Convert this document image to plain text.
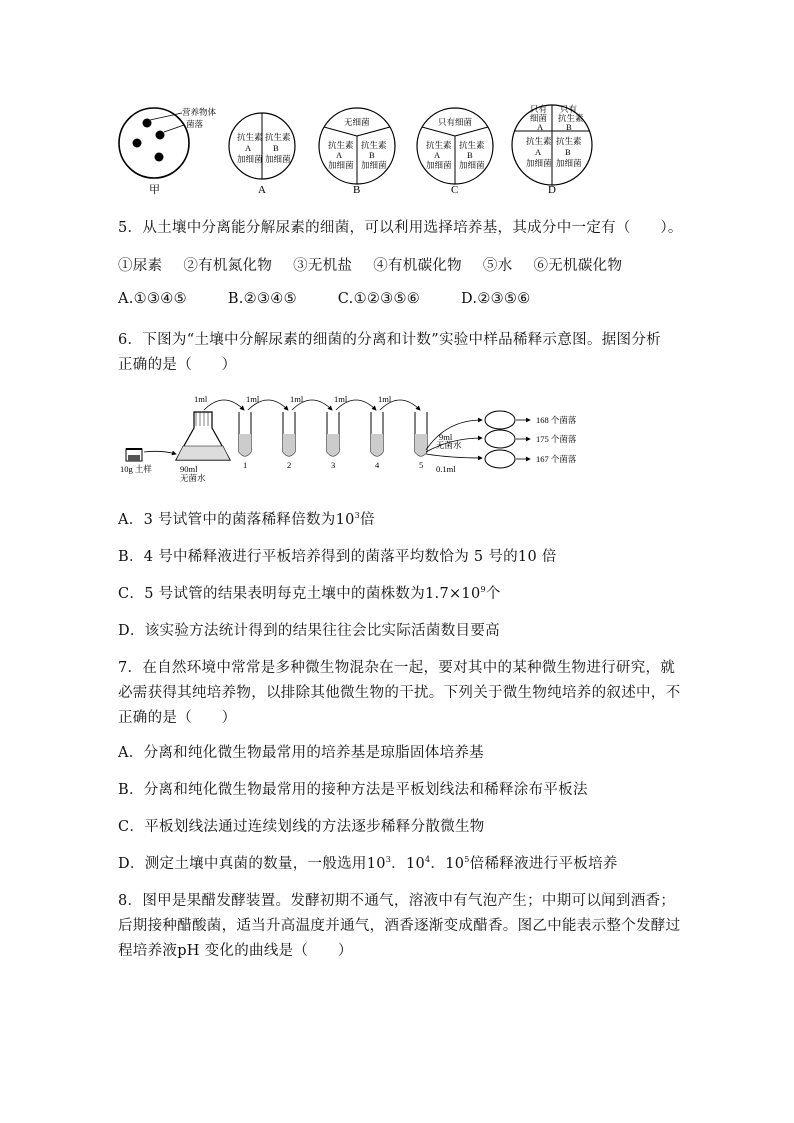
营养物体
菌落
甲
抗生素
A
加细菌
抗生素
B
加细菌
A
无细菌
抗生素
A
加细菌
抗生素
B
加细菌
B
只有细菌
抗生素
A
加细菌
抗生素
B
加细菌
C
只有
细菌
只有
抗生素
A	B
抗生素
A
加细菌
抗生素
B
加细菌
D
5．从土壤中分离能分解尿素的细菌，可以利用选择培养基，其成分中一定有（　　）。
①尿素 ②有机氮化物 ③无机盐 ④有机碳化物 ⑤水 ⑥无机碳化物
A.①③④⑤	B.②③④⑤	C.①②③⑤⑥	D.②③⑤⑥
6．下图为“土壤中分解尿素的细菌的分离和计数”实验中样品稀释示意图。据图分析
正确的是（　　）
10g 土样	90ml
无菌水
1ml	1ml	1ml	1ml	1ml
1	2	3	4	5
9ml
无菌水
0.1ml
168 个菌落
175 个菌落
167 个菌落
A．3 号试管中的菌落稀释倍数为$10^3$倍
B．4 号中稀释液进行平板培养得到的菌落平均数恰为 5 号的10 倍
C．5 号试管的结果表明每克土壤中的菌株数为$1.7\times 10^9$个
D．该实验方法统计得到的结果往往会比实际活菌数目要高
7．在自然环境中常常是多种微生物混杂在一起，要对其中的某种微生物进行研究，就
必需获得其纯培养物，以排除其他微生物的干扰。下列关于微生物纯培养的叙述中，不
正确的是（　　）
A．分离和纯化微生物最常用的培养基是琼脂固体培养基
B．分离和纯化微生物最常用的接种方法是平板划线法和稀释涂布平板法
C．平板划线法通过连续划线的方法逐步稀释分散微生物
D．测定土壤中真菌的数量，一般选用$10^3$．$10^4$．$10^5$倍稀释液进行平板培养
8．图甲是果醋发酵装置。发酵初期不通气，溶液中有气泡产生；中期可以闻到酒香；
后期接种醋酸菌，适当升高温度并通气，酒香逐渐变成醋香。图乙中能表示整个发酵过
程培养液pH 变化的曲线是（　　）
